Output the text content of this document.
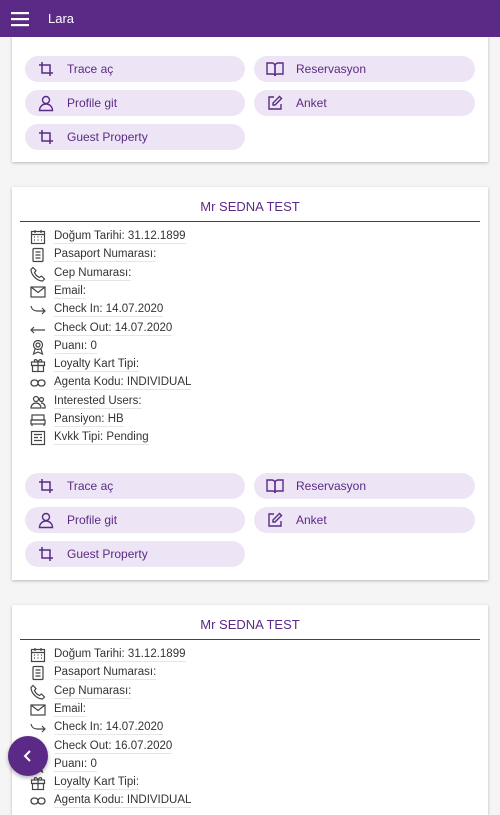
Lara
Trace aç	Reservasyon
Profile git	Anket
Guest Property
Mr SEDNA TEST
Trace aç	Reservasyon
Profile git	Anket
Guest Property
Doğum Tarihi: 31.12.1899
Pasaport Numarası:
Cep Numarası:
Email:
Check In: 14.07.2020
Check Out: 14.07.2020
Puanı: 0
Loyalty Kart Tipi:
Agenta Kodu: INDIVIDUAL
Interested Users:
Pansiyon: HB
Kvkk Tipi: Pending
Mr SEDNA TEST
Doğum Tarihi: 31.12.1899
Pasaport Numarası:
Cep Numarası:
Email:
Check In: 14.07.2020
Check Out: 16.07.2020
Puanı: 0
Loyalty Kart Tipi:
Agenta Kodu: INDIVIDUAL
